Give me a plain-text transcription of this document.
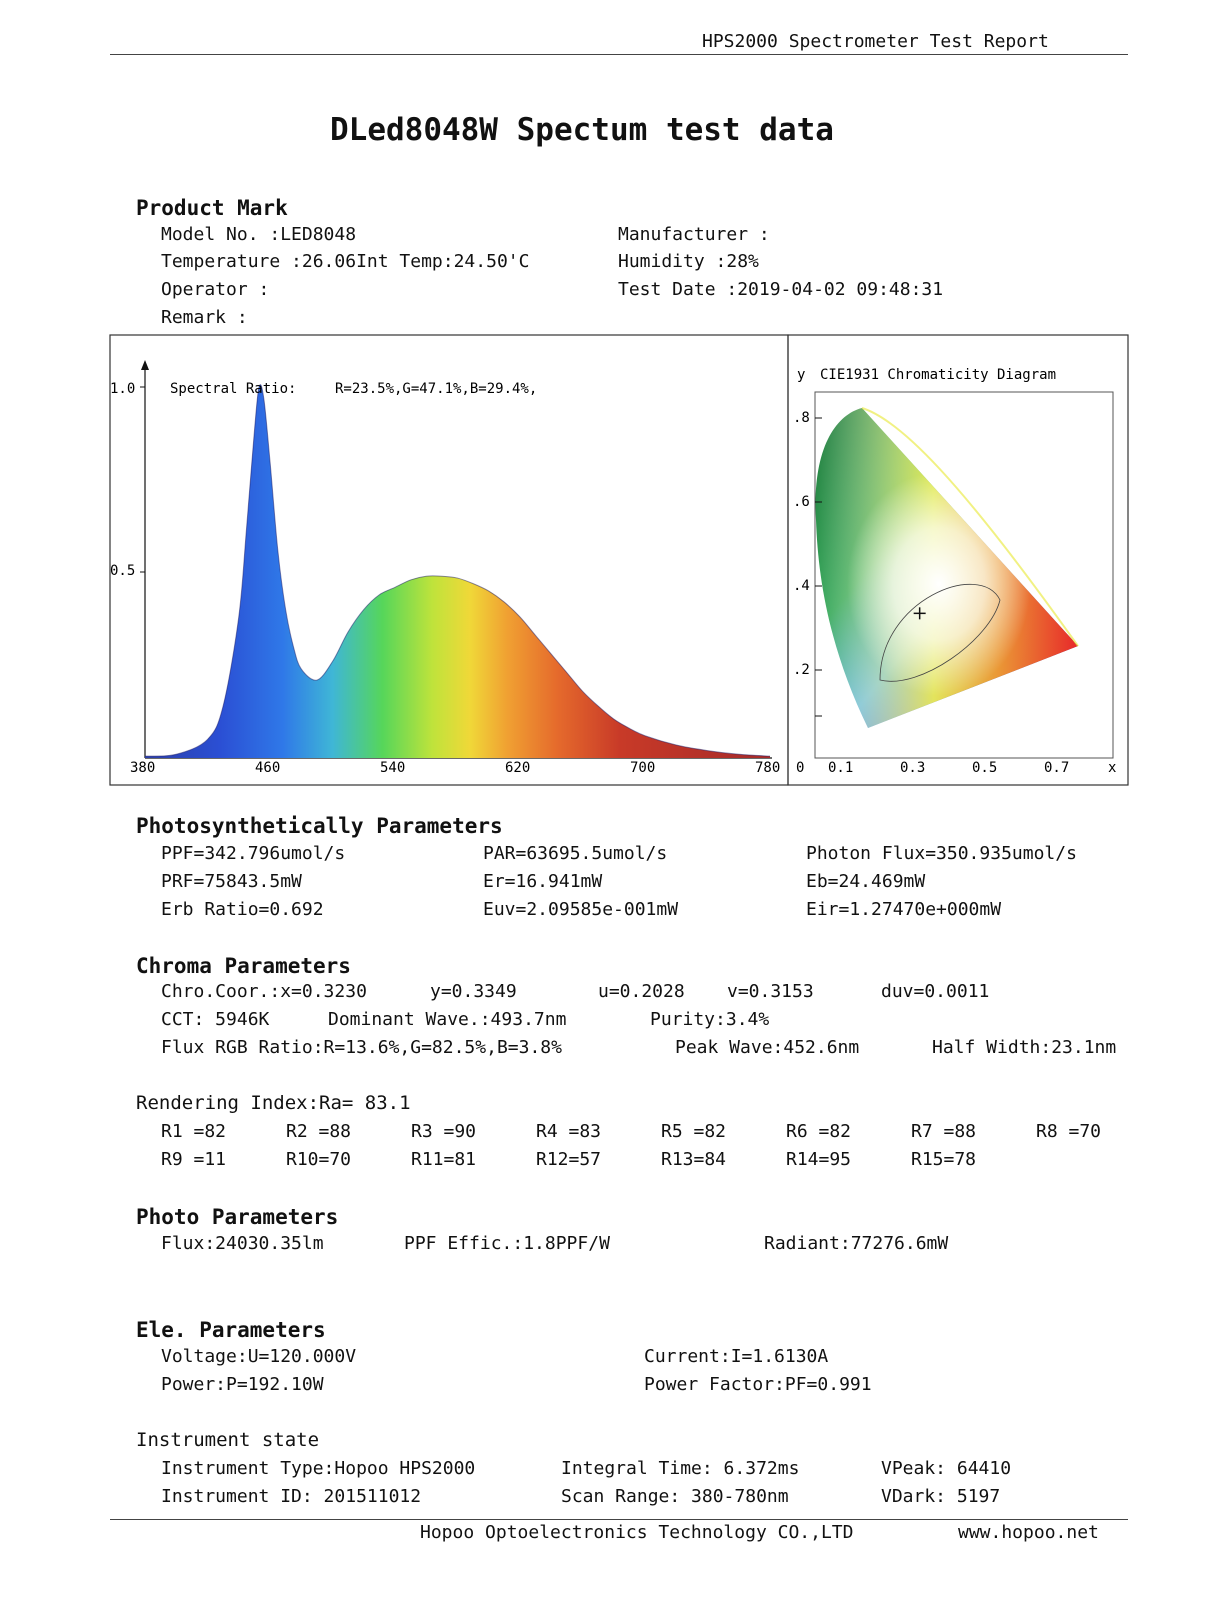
HPS2000 Spectrometer Test Report
DLed8048W Spectum test data
Product Mark
Model No. :LED8048	Manufacturer :
Temperature :26.06Int Temp:24.50'C	Humidity :28%
Operator :	Test Date :2019-04-02 09:48:31
Remark :
1.0
0.5
Spectral Ratio:	R=23.5%,G=47.1%,B=29.4%,
380	460	540	620	700	780
y CIE1931 Chromaticity Diagram
.8
.6
.4
.2
0 0.1	0.3	0.5	0.7	x
Photosynthetically Parameters
PPF=342.796umol/s	PAR=63695.5umol/s	Photon Flux=350.935umol/s
PRF=75843.5mW	Er=16.941mW	Eb=24.469mW
Erb Ratio=0.692	Euv=2.09585e-001mW	Eir=1.27470e+000mW
Chroma Parameters
Chro.Coor.:x=0.3230	y=0.3349	u=0.2028 v=0.3153	duv=0.0011
CCT: 5946K	Dominant Wave.:493.7nm	Purity:3.4%
Flux RGB Ratio:R=13.6%,G=82.5%,B=3.8%	Peak Wave:452.6nm	Half Width:23.1nm
Rendering Index:Ra= 83.1
R1 =82	R2 =88	R3 =90	R4 =83	R5 =82	R6 =82	R7 =88	R8 =70
R9 =11	R10=70	R11=81	R12=57	R13=84	R14=95	R15=78
Photo Parameters
Flux:24030.35lm	PPF Effic.:1.8PPF/W	Radiant:77276.6mW
Ele. Parameters
Voltage:U=120.000V	Current:I=1.6130A
Power:P=192.10W	Power Factor:PF=0.991
Instrument state
Instrument Type:Hopoo HPS2000	Integral Time: 6.372ms	VPeak: 64410
Instrument ID: 201511012	Scan Range: 380-780nm	VDark: 5197
Hopoo Optoelectronics Technology CO.,LTD	www.hopoo.net
